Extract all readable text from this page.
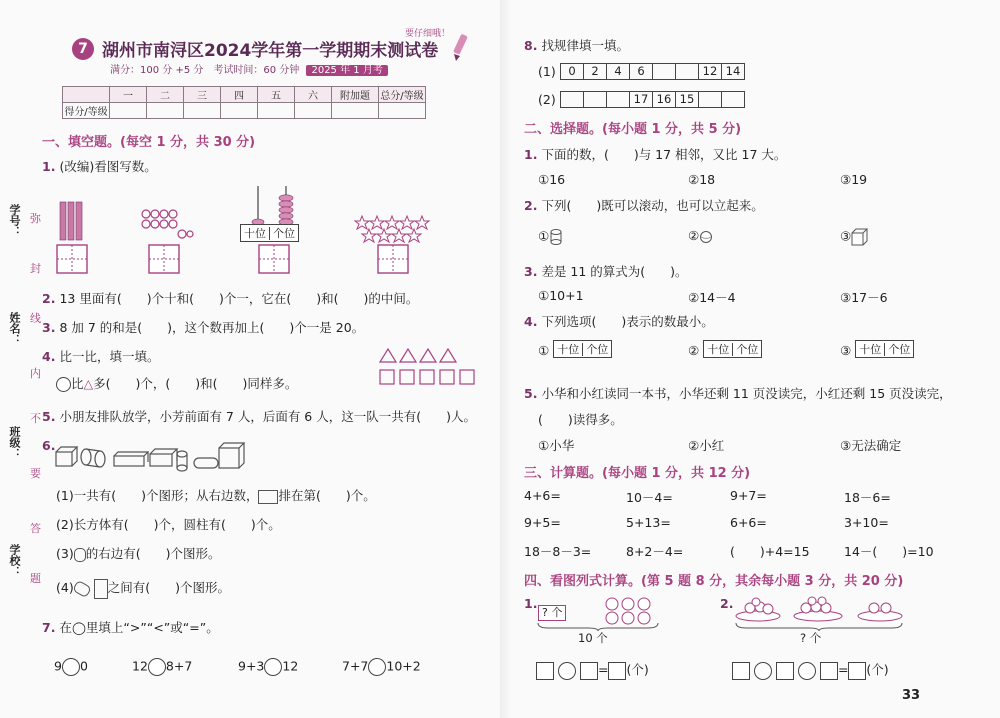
学号：
姓名：
班级：
学校：
弥
封
线
内
不
要
答
题
7 湖州市南浔区2024学年第一学期期末测试卷
要仔细哦！
满分：100 分 +5 分　考试时间：60 分钟 2025 年 1 月考
	一	二	三	四	五	六	附加题	总分/等级
得分/等级								
一、填空题。(每空 1 分，共 30 分)
1. (改编)看图写数。
十位 个位
2. 13 里面有(　　)个十和(　　)个一，它在(　　)和(　　)的中间。
3. 8 加 7 的和是(　　)，这个数再加上(　　)个一是 20。
4. 比一比，填一填。
比△多(　　)个，(　　)和(　　)同样多。
5. 小朋友排队放学，小芳前面有 7 人，后面有 6 人，这一队一共有(　　)人。
6.
(1)一共有(　　)个图形；从右边数， 排在第(　　)个。
(2)长方体有(　　)个，圆柱有(　　)个。
(3) 的右边有(　　)个图形。
(4)	之间有(　　)个图形。
7. 在◯里填上“>”“<”或“=”。
9 0	12 8+7	9+3 12	7+7 10+2
8. 找规律填一填。
(1)	0	2	4	6	12 14
(2)	17 16 15
二、选择题。(每小题 1 分，共 5 分)
1. 下面的数，(　　)与 17 相邻，又比 17 大。
①16	②18	③19
2. 下列(　　)既可以滚动，也可以立起来。
①	②	③
3. 差是 11 的算式为(　　)。
①10+1	②14－4	③17－6
4. 下列选项(　　)表示的数最小。
① 十位 个位	② 十位 个位	③ 十位 个位
5. 小华和小红读同一本书，小华还剩 11 页没读完，小红还剩 15 页没读完，
(　　)读得多。
①小华	②小红	③无法确定
三、计算题。(每小题 1 分，共 12 分)
4+6=	10－4=	9+7=	18－6=
9+5=	5+13=	6+6=	3+10=
18－8－3=	8+2－4=	(　　)+4=15	14－(　　)=10
四、看图列式计算。(第 5 题 8 分，其余每小题 3 分，共 20 分)
1.
? 个
10 个
2.
? 个
= (个)	= (个)
33
